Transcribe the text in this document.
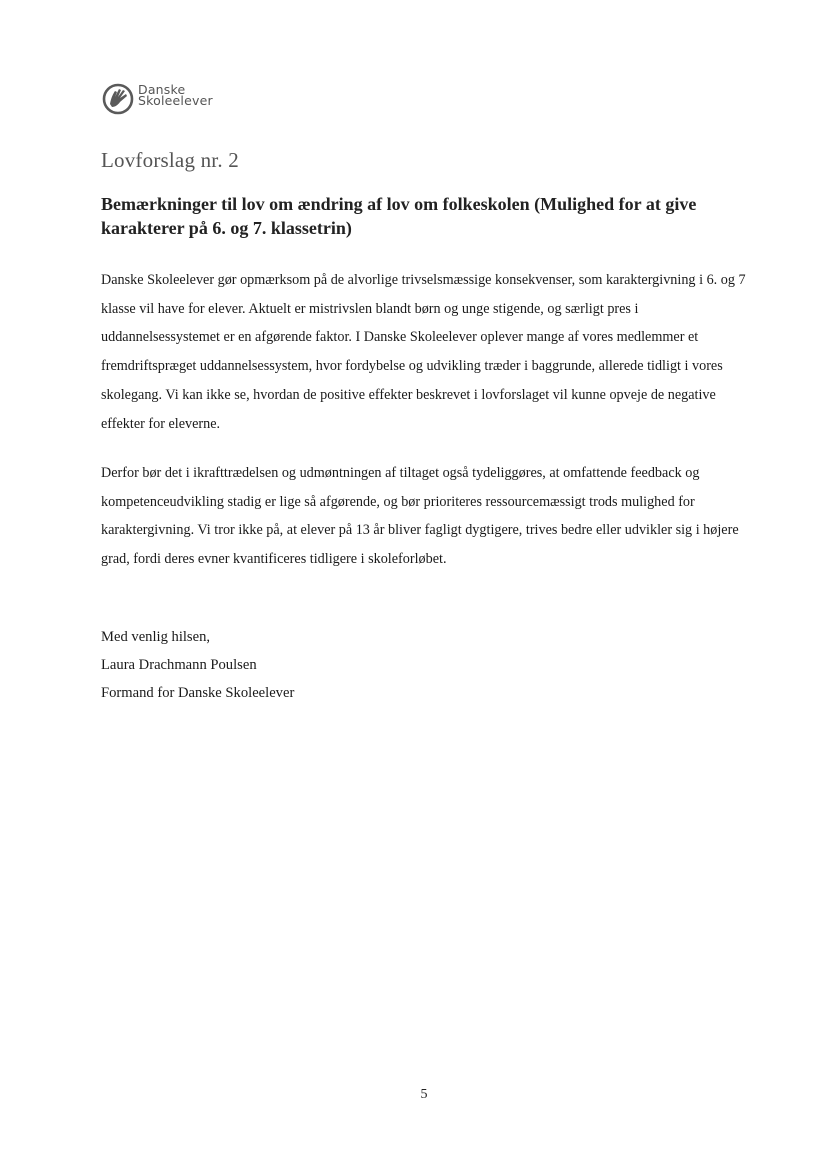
Danske
Skoleelever
Lovforslag nr. 2
Bemærkninger til lov om ændring af lov om folkeskolen (Mulighed for at give karakterer på 6. og 7. klassetrin)

Danske Skoleelever gør opmærksom på de alvorlige trivselsmæssige konsekvenser, som karaktergivning i 6. og 7 klasse vil have for elever. Aktuelt er mistrivslen blandt børn og unge stigende, og særligt pres i uddannelsessystemet er en afgørende faktor. I Danske Skoleelever oplever mange af vores medlemmer et fremdriftspræget uddannelsessystem, hvor fordybelse og udvikling træder i baggrunde, allerede tidligt i vores skolegang. Vi kan ikke se, hvordan de positive effekter beskrevet i lovforslaget vil kunne opveje de negative effekter for eleverne.

Derfor bør det i ikrafttrædelsen og udmøntningen af tiltaget også tydeliggøres, at omfattende feedback og kompetenceudvikling stadig er lige så afgørende, og bør prioriteres ressourcemæssigt trods mulighed for karaktergivning. Vi tror ikke på, at elever på 13 år bliver fagligt dygtigere, trives bedre eller udvikler sig i højere grad, fordi deres evner kvantificeres tidligere i skoleforløbet.

Med venlig hilsen,
Laura Drachmann Poulsen
Formand for Danske Skoleelever
5
